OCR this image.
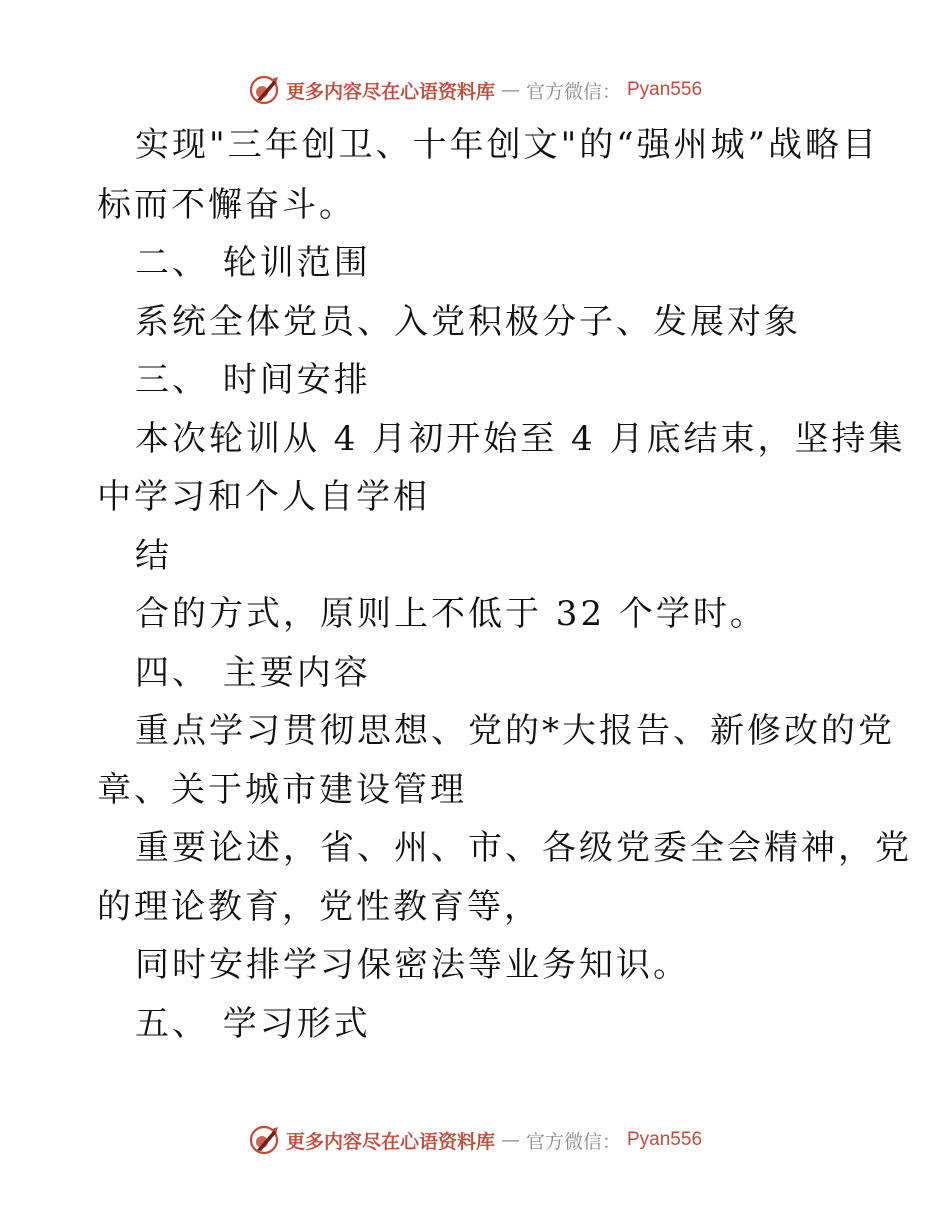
更多内容尽在心语资料库 — 官方微信： Pyan556
实现"三年创卫、十年创文"的“强州城”战略目
标而不懈奋斗。
二、 轮训范围
系统全体党员、入党积极分子、发展对象
三、 时间安排
本次轮训从 4 月初开始至 4 月底结束，坚持集
中学习和个人自学相
结
合的方式，原则上不低于 32 个学时。
四、 主要内容
重点学习贯彻思想、党的*大报告、新修改的党
章、关于城市建设管理
重要论述，省、州、市、各级党委全会精神，党
的理论教育，党性教育等，
同时安排学习保密法等业务知识。
五、 学习形式
更多内容尽在心语资料库 — 官方微信： Pyan556
